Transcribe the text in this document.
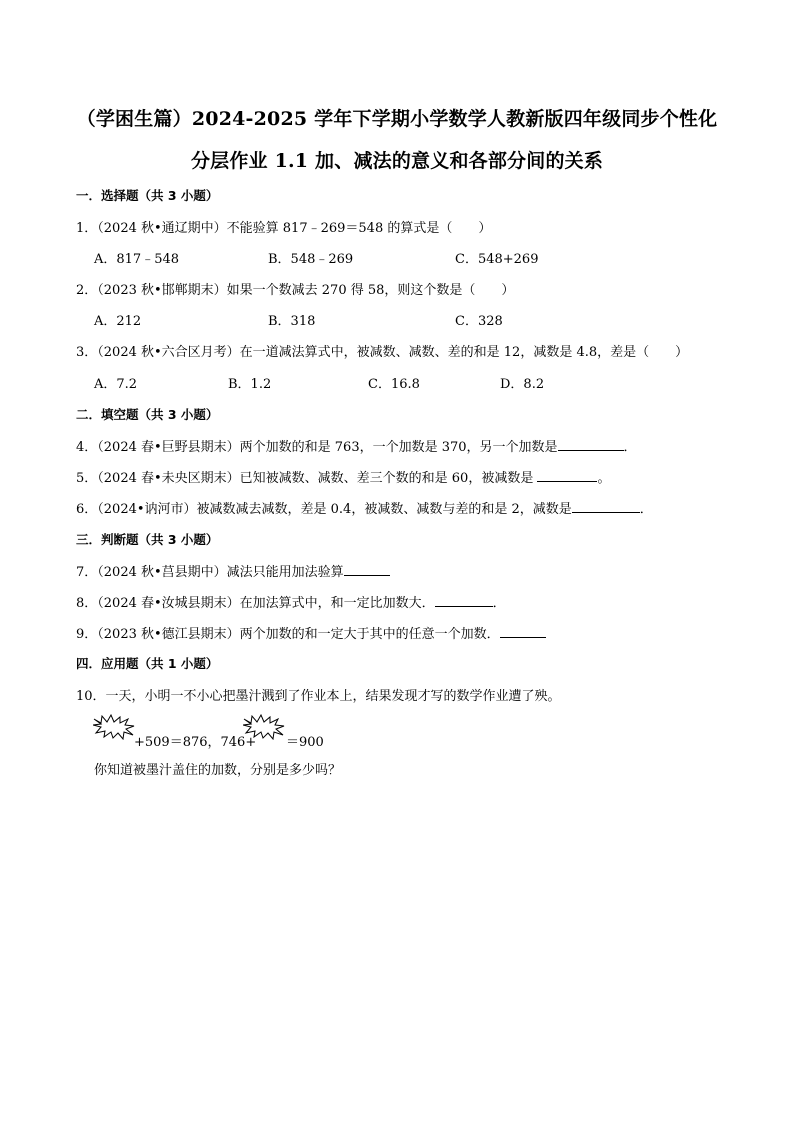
（学困生篇）2024-2025 学年下学期小学数学人教新版四年级同步个性化
分层作业 1.1 加、减法的意义和各部分间的关系
一．选择题（共 3 小题）
1．（2024 秋•通辽期中）不能验算 817﹣269＝548 的算式是（　　）
A．817﹣548	B．548﹣269	C．548+269
2．（2023 秋•邯郸期末）如果一个数减去 270 得 58，则这个数是（　　）
A．212	B．318	C．328
3．（2024 秋•六合区月考）在一道减法算式中，被减数、减数、差的和是 12，减数是 4.8，差是（　　）
A．7.2	B．1.2	C．16.8	D．8.2
二．填空题（共 3 小题）
4．（2024 春•巨野县期末）两个加数的和是 763，一个加数是 370，另一个加数是	．
5．（2024 春•未央区期末）已知被减数、减数、差三个数的和是 60，被减数是	。
6．（2024•讷河市）被减数减去减数，差是 0.4，被减数、减数与差的和是 2，减数是	．
三．判断题（共 3 小题）
7．（2024 秋•莒县期中）减法只能用加法验算
8．（2024 春•汝城县期末）在加法算式中，和一定比加数大．	．
9．（2023 秋•德江县期末）两个加数的和一定大于其中的任意一个加数．
四．应用题（共 1 小题）
10．一天，小明一不小心把墨汁溅到了作业本上，结果发现才写的数学作业遭了殃。
+509＝876，746+ ＝900
你知道被墨汁盖住的加数，分别是多少吗？
